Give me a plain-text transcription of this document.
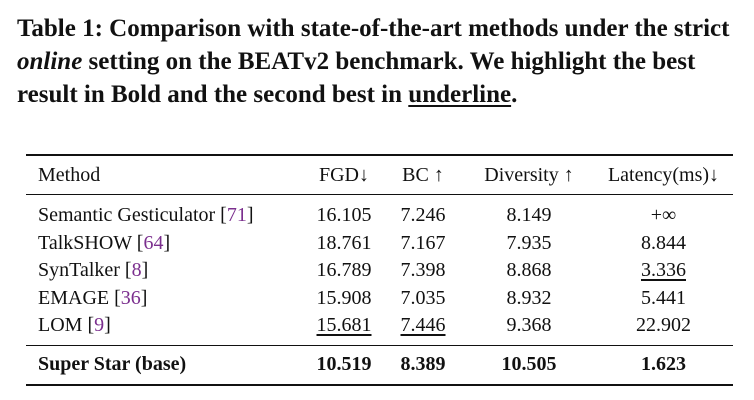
Table 1: Comparison with state-of-the-art methods under the strict online setting on the BEATv2 benchmark. We highlight the best result in Bold and the second best in underline.
Method	FGD↓	BC ↑	Diversity ↑	Latency(ms)↓
Semantic Gesticulator [71]	16.105	7.246	8.149	+∞
TalkSHOW [64]	18.761	7.167	7.935	8.844
SynTalker [8]	16.789	7.398	8.868	3.336
EMAGE [36]	15.908	7.035	8.932	5.441
LOM [9]	15.681	7.446	9.368	22.902
Super Star (base)	10.519	8.389	10.505	1.623
